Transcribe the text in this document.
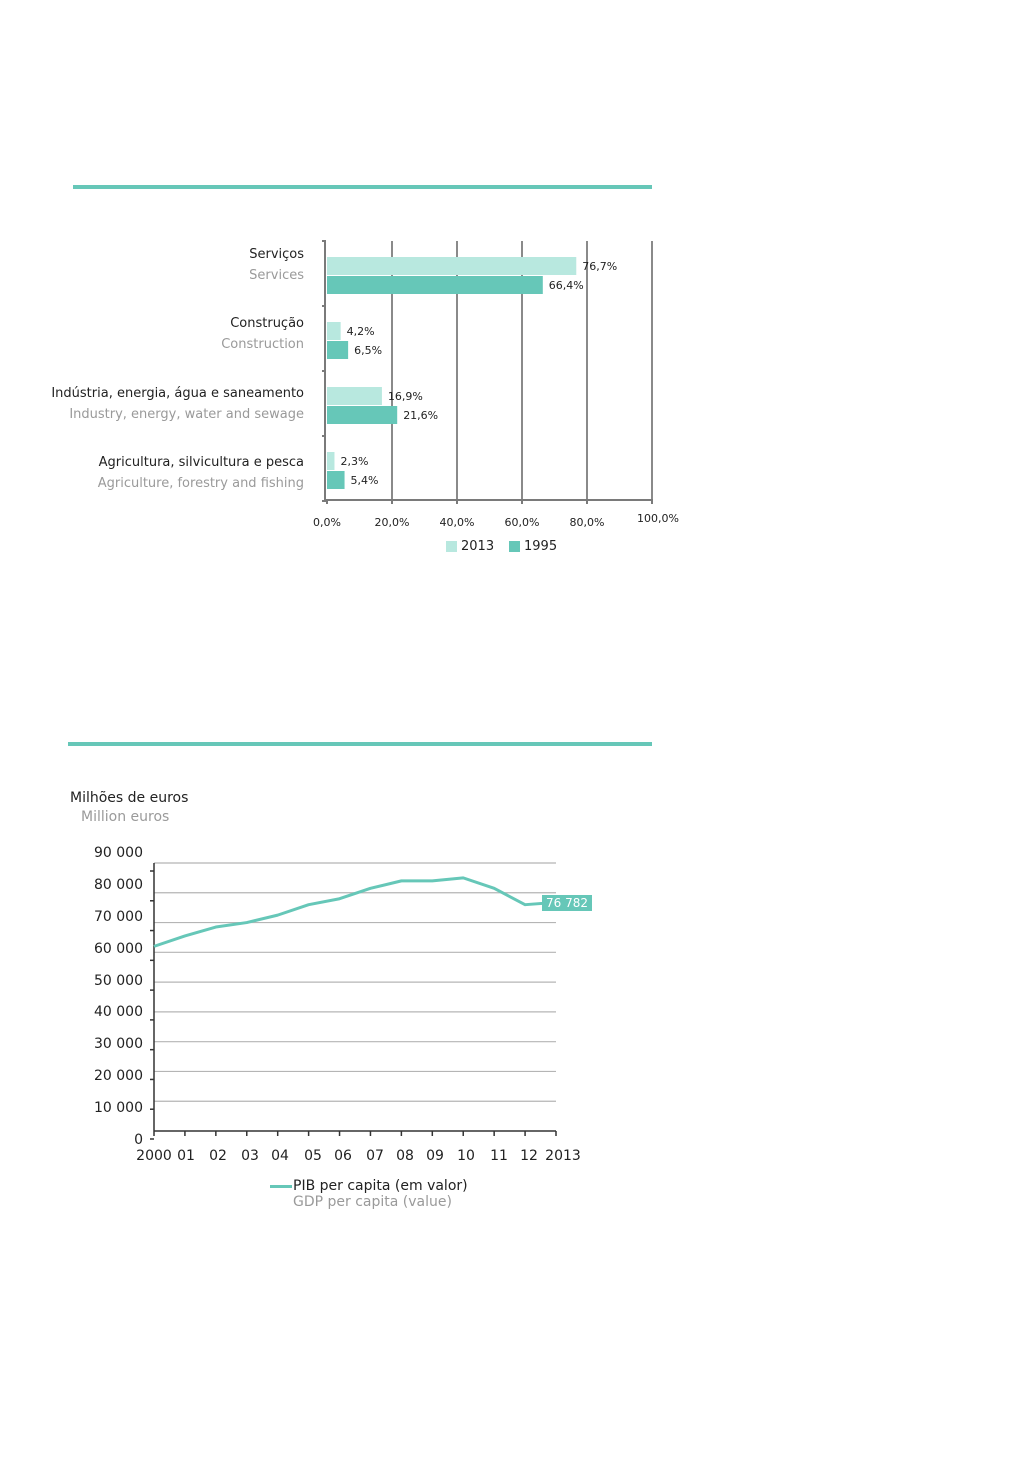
Serviços
Services
Construção
Construction
Indústria, energia, água e saneamento
Industry, energy, water and sewage
Agricultura, silvicultura e pesca
Agriculture, forestry and fishing
76,7%
66,4%
4,2%
6,5%
16,9%
21,6%
2,3%
5,4%
0,0%	20,0%	40,0%	60,0%	80,0%	100,0%
2013 1995
Milhões de euros
Million euros
0
10 000
20 000
30 000
40 000
50 000
60 000
70 000
80 000
90 000
2000 01 02 03 04 05 06 07 08 09 10 11 12 2013
76 782
PIB per capita (em valor)
GDP per capita (value)
